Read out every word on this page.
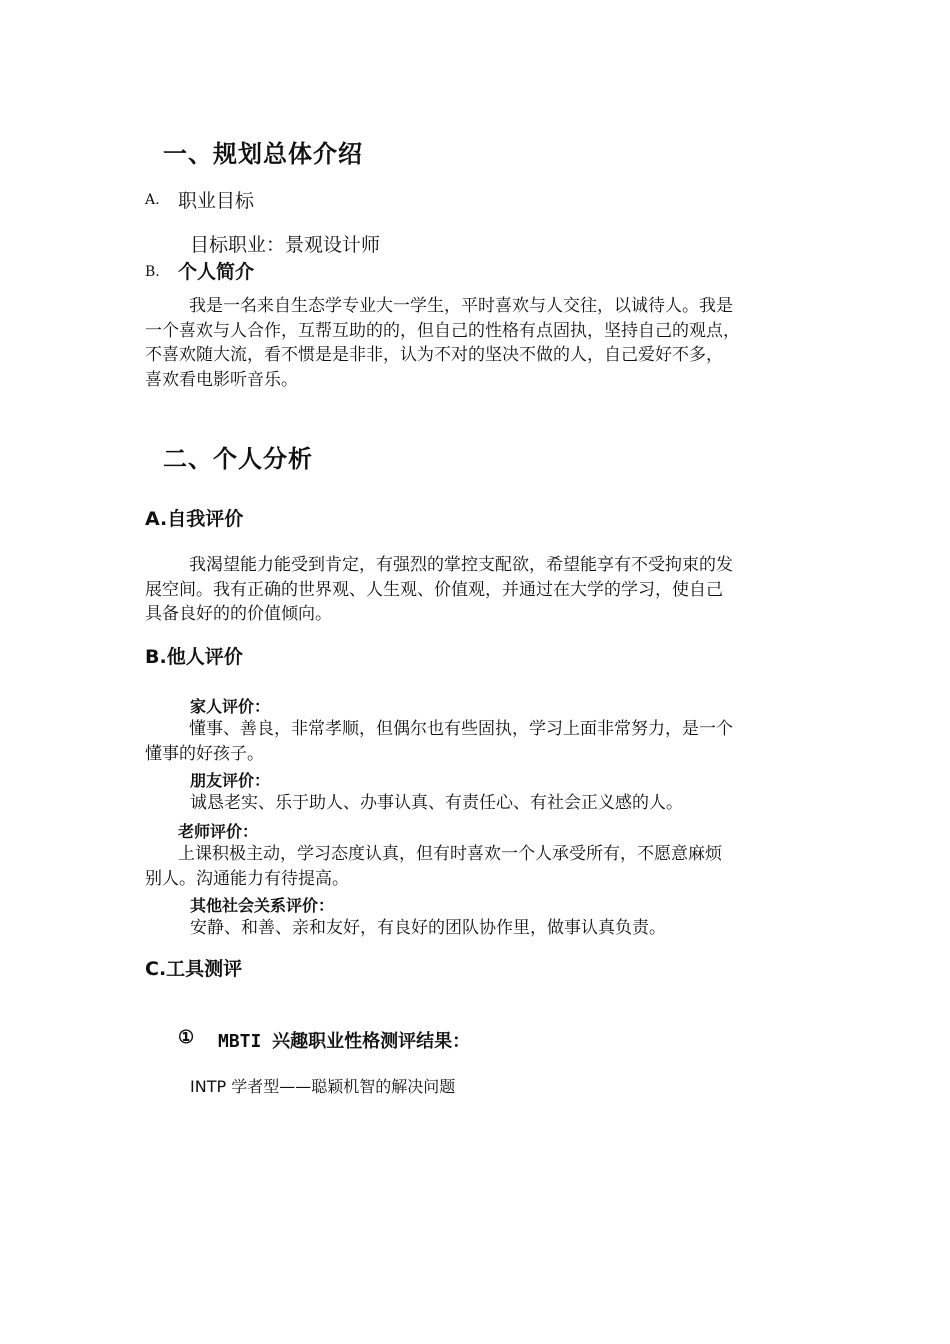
一、规划总体介绍
A. 职业目标
目标职业：景观设计师
B. 个人简介
我是一名来自生态学专业大一学生，平时喜欢与人交往，以诚待人。我是
一个喜欢与人合作，互帮互助的的，但自己的性格有点固执，坚持自己的观点，
不喜欢随大流，看不惯是是非非，认为不对的坚决不做的人，自己爱好不多，
喜欢看电影听音乐。
二、个人分析
A.自我评价
我渴望能力能受到肯定，有强烈的掌控支配欲，希望能享有不受拘束的发
展空间。我有正确的世界观、人生观、价值观，并通过在大学的学习，使自己
具备良好的的价值倾向。
B.他人评价
家人评价：
懂事、善良，非常孝顺，但偶尔也有些固执，学习上面非常努力，是一个
懂事的好孩子。
朋友评价：
诚恳老实、乐于助人、办事认真、有责任心、有社会正义感的人。
老师评价：
上课积极主动，学习态度认真，但有时喜欢一个人承受所有，不愿意麻烦
别人。沟通能力有待提高。
其他社会关系评价：
安静、和善、亲和友好，有良好的团队协作里，做事认真负责。
C.工具测评
① MBTI 兴趣职业性格测评结果：
INTP 学者型——聪颖机智的解决问题
